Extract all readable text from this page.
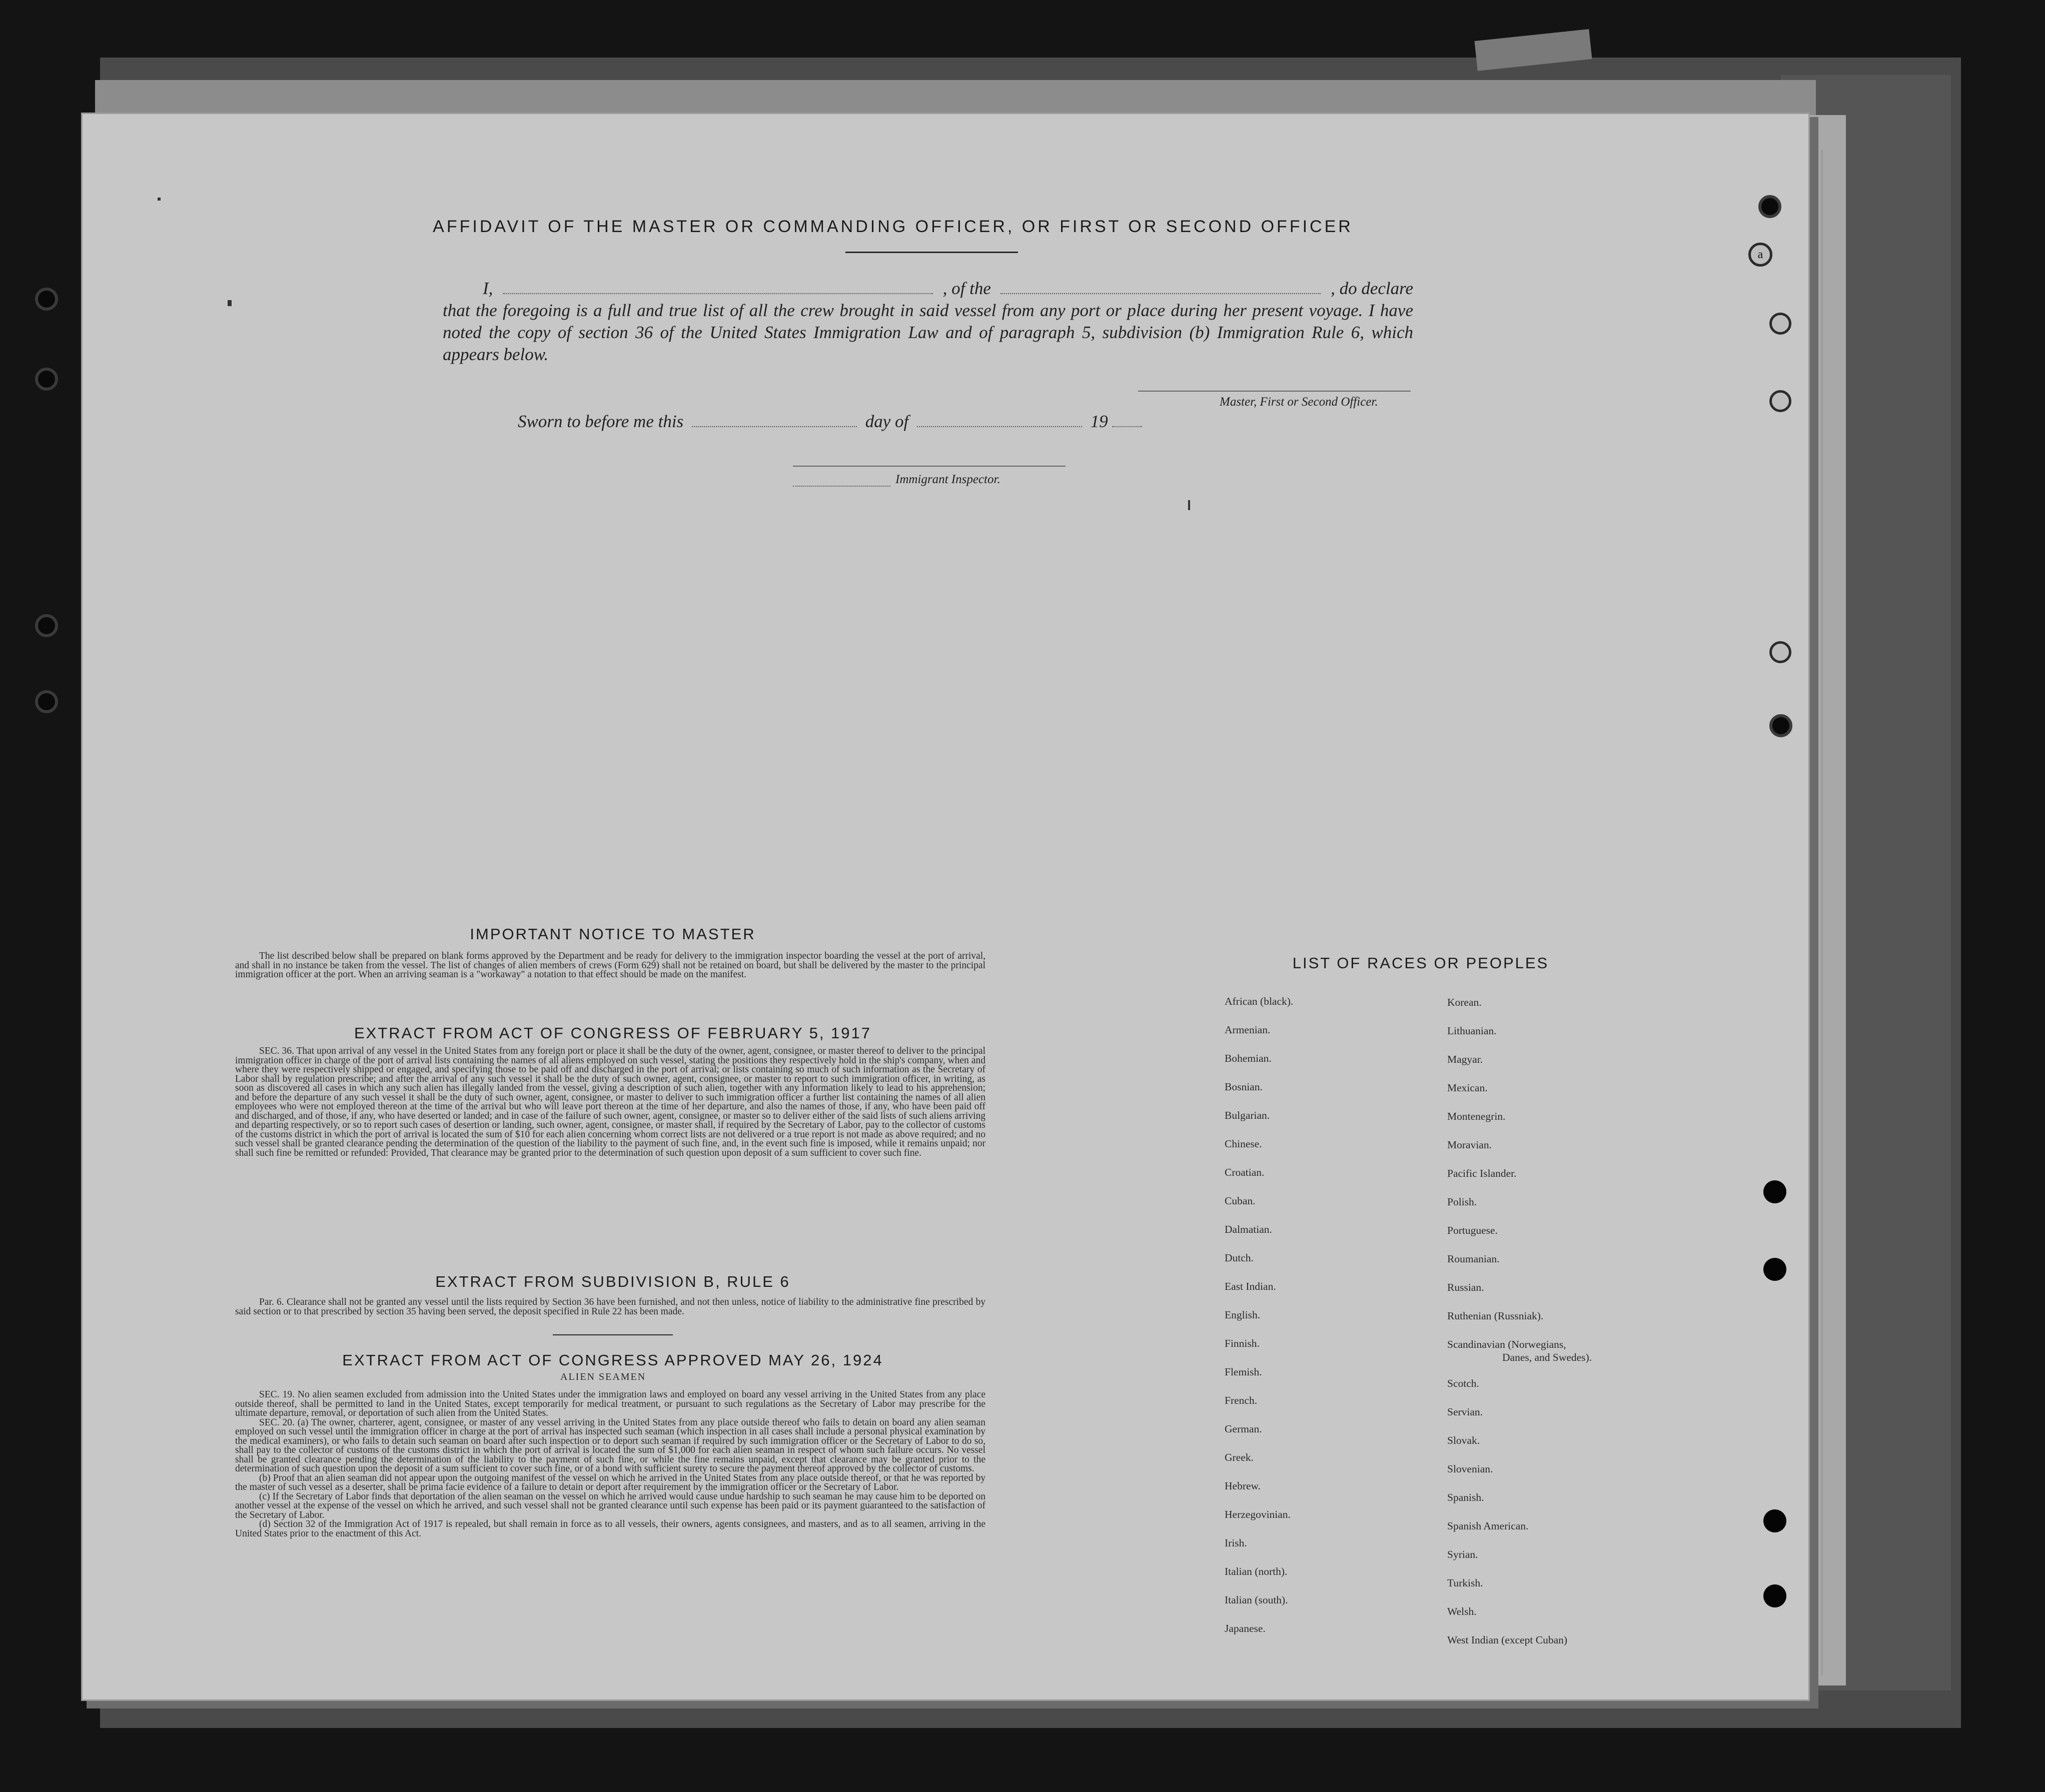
a
AFFIDAVIT OF THE MASTER OR COMMANDING OFFICER, OR FIRST OR SECOND OFFICER
I,	, of the	, do declare
that the foregoing is a full and true list of all the crew brought in said vessel from any port or place during her present voyage. I have noted the copy of section 36 of the United States Immigration Law and of paragraph 5, subdivision (b) Immigration Rule 6, which appears below.
Master, First or Second Officer.
Sworn to before me this	day of	19
Immigrant Inspector.
IMPORTANT NOTICE TO MASTER

The list described below shall be prepared on blank forms approved by the Department and be ready for delivery to the immigration inspector boarding the vessel at the port of arrival, and shall in no instance be taken from the vessel. The list of changes of alien members of crews (Form 629) shall not be retained on board, but shall be delivered by the master to the principal immigration officer at the port. When an arriving seaman is a "workaway" a notation to that effect should be made on the manifest.

EXTRACT FROM ACT OF CONGRESS OF FEBRUARY 5, 1917

SEC. 36. That upon arrival of any vessel in the United States from any foreign port or place it shall be the duty of the owner, agent, consignee, or master thereof to deliver to the principal immigration officer in charge of the port of arrival lists containing the names of all aliens employed on such vessel, stating the positions they respectively hold in the ship's company, when and where they were respectively shipped or engaged, and specifying those to be paid off and discharged in the port of arrival; or lists containing so much of such information as the Secretary of Labor shall by regulation prescribe; and after the arrival of any such vessel it shall be the duty of such owner, agent, consignee, or master to report to such immigration officer, in writing, as soon as discovered all cases in which any such alien has illegally landed from the vessel, giving a description of such alien, together with any information likely to lead to his apprehension; and before the departure of any such vessel it shall be the duty of such owner, agent, consignee, or master to deliver to such immigration officer a further list containing the names of all alien employees who were not employed thereon at the time of the arrival but who will leave port thereon at the time of her departure, and also the names of those, if any, who have been paid off and discharged, and of those, if any, who have deserted or landed; and in case of the failure of such owner, agent, consignee, or master so to deliver either of the said lists of such aliens arriving and departing respectively, or so to report such cases of desertion or landing, such owner, agent, consignee, or master shall, if required by the Secretary of Labor, pay to the collector of customs of the customs district in which the port of arrival is located the sum of $10 for each alien concerning whom correct lists are not delivered or a true report is not made as above required; and no such vessel shall be granted clearance pending the determination of the question of the liability to the payment of such fine, and, in the event such fine is imposed, while it remains unpaid; nor shall such fine be remitted or refunded: Provided, That clearance may be granted prior to the determination of such question upon deposit of a sum sufficient to cover such fine.

EXTRACT FROM SUBDIVISION B, RULE 6

Par. 6. Clearance shall not be granted any vessel until the lists required by Section 36 have been furnished, and not then unless, notice of liability to the administrative fine prescribed by said section or to that prescribed by section 35 having been served, the deposit specified in Rule 22 has been made.

EXTRACT FROM ACT OF CONGRESS APPROVED MAY 26, 1924
ALIEN SEAMEN

SEC. 19. No alien seamen excluded from admission into the United States under the immigration laws and employed on board any vessel arriving in the United States from any place outside thereof, shall be permitted to land in the United States, except temporarily for medical treatment, or pursuant to such regulations as the Secretary of Labor may prescribe for the ultimate departure, removal, or deportation of such alien from the United States.

SEC. 20. (a) The owner, charterer, agent, consignee, or master of any vessel arriving in the United States from any place outside thereof who fails to detain on board any alien seaman employed on such vessel until the immigration officer in charge at the port of arrival has inspected such seaman (which inspection in all cases shall include a personal physical examination by the medical examiners), or who fails to detain such seaman on board after such inspection or to deport such seaman if required by such immigration officer or the Secretary of Labor to do so, shall pay to the collector of customs of the customs district in which the port of arrival is located the sum of $1,000 for each alien seaman in respect of whom such failure occurs. No vessel shall be granted clearance pending the determination of the liability to the payment of such fine, or while the fine remains unpaid, except that clearance may be granted prior to the determination of such question upon the deposit of a sum sufficient to cover such fine, or of a bond with sufficient surety to secure the payment thereof approved by the collector of customs.

(b) Proof that an alien seaman did not appear upon the outgoing manifest of the vessel on which he arrived in the United States from any place outside thereof, or that he was reported by the master of such vessel as a deserter, shall be prima facie evidence of a failure to detain or deport after requirement by the immigration officer or the Secretary of Labor.

(c) If the Secretary of Labor finds that deportation of the alien seaman on the vessel on which he arrived would cause undue hardship to such seaman he may cause him to be deported on another vessel at the expense of the vessel on which he arrived, and such vessel shall not be granted clearance until such expense has been paid or its payment guaranteed to the satisfaction of the Secretary of Labor.

(d) Section 32 of the Immigration Act of 1917 is repealed, but shall remain in force as to all vessels, their owners, agents consignees, and masters, and as to all seamen, arriving in the United States prior to the enactment of this Act.

LIST OF RACES OR PEOPLES
African (black).
Armenian.
Bohemian.
Bosnian.
Bulgarian.
Chinese.
Croatian.
Cuban.
Dalmatian.
Dutch.
East Indian.
English.
Finnish.
Flemish.
French.
German.
Greek.
Hebrew.
Herzegovinian.
Irish.
Italian (north).
Italian (south).
Japanese.
Korean.
Lithuanian.
Magyar.
Mexican.
Montenegrin.
Moravian.
Pacific Islander.
Polish.
Portuguese.
Roumanian.
Russian.
Ruthenian (Russniak).
Scandinavian (Norwegians,
Danes, and Swedes).
Scotch.
Servian.
Slovak.
Slovenian.
Spanish.
Spanish American.
Syrian.
Turkish.
Welsh.
West Indian (except Cuban)
